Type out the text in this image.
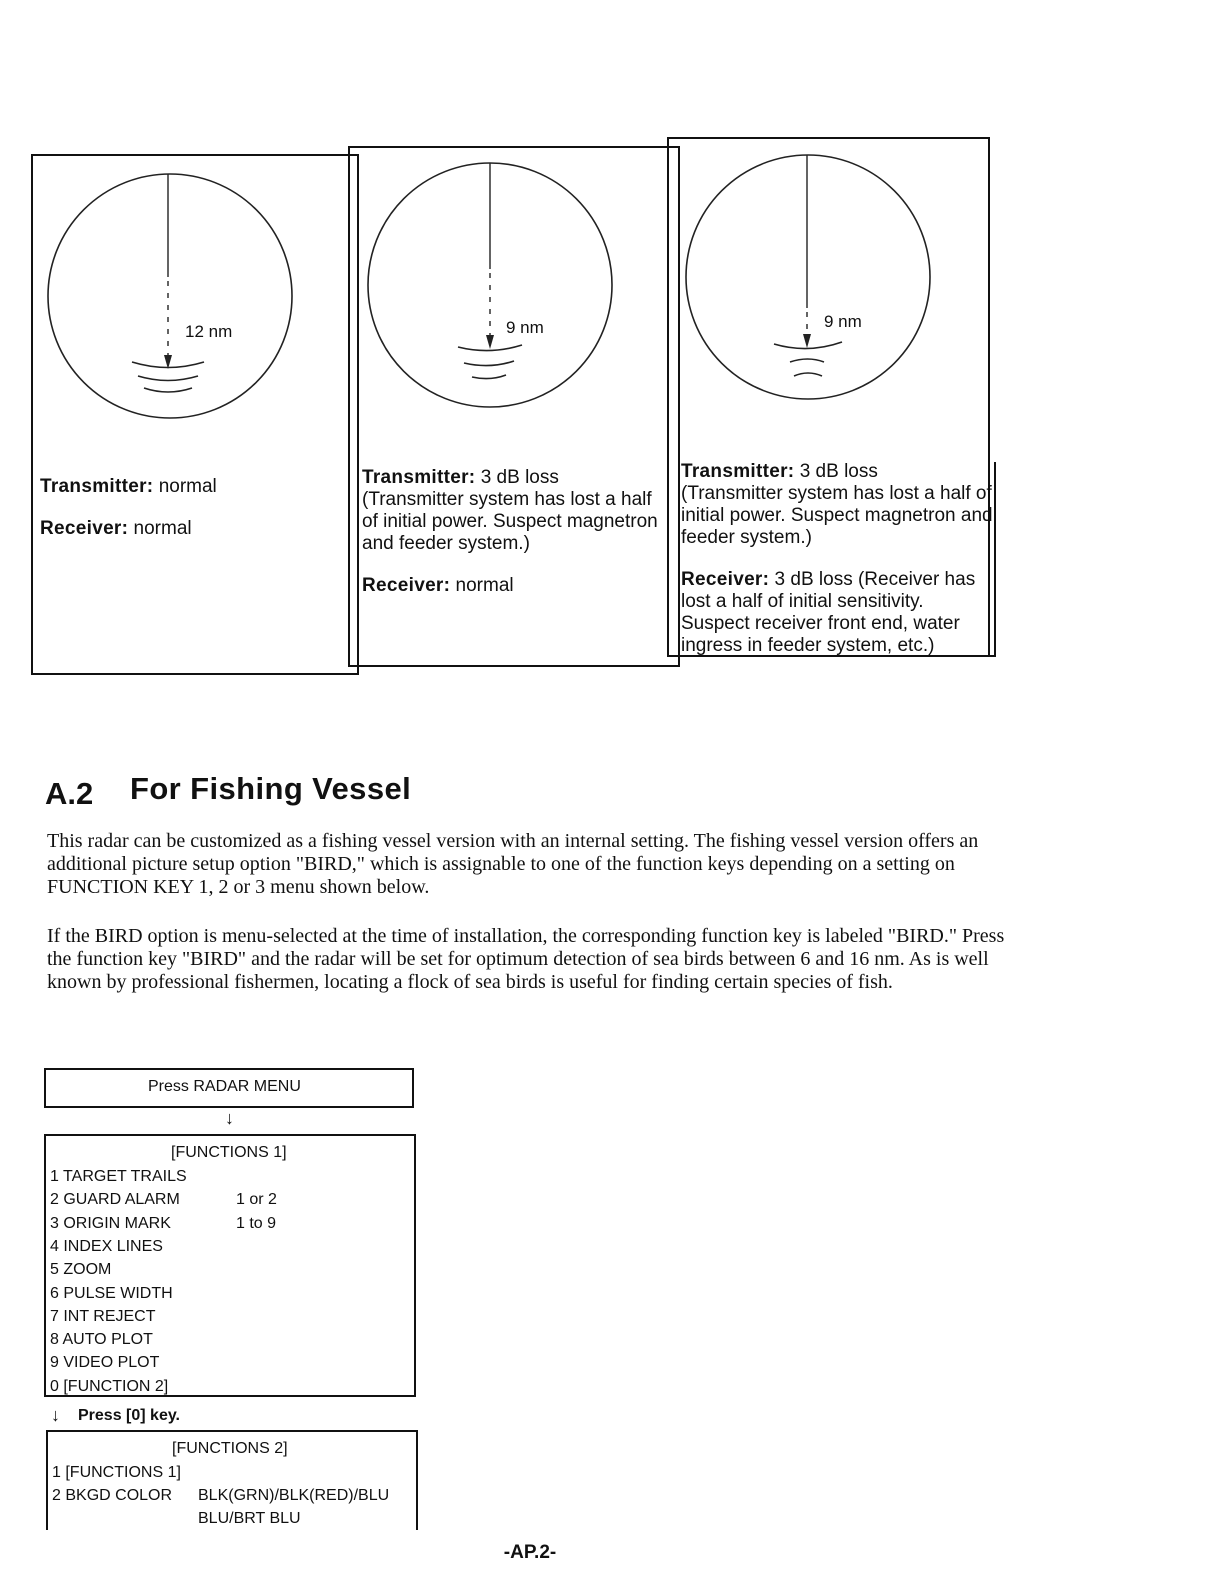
12 nm	9 nm	9 nm

Transmitter: normal

Receiver: normal

Transmitter: 3 dB loss

(Transmitter system has lost a half of initial power. Suspect magnetron and feeder system.)

Receiver: normal

Transmitter: 3 dB loss

(Transmitter system has lost a half of initial power. Suspect magnetron and feeder system.)

Receiver: 3 dB loss (Receiver has lost a half of initial sensitivity. Suspect receiver front end, water ingress in feeder system, etc.)

A.2 For Fishing Vessel

This radar can be customized as a fishing vessel version with an internal setting. The fishing vessel version offers an additional picture setup option "BIRD," which is assignable to one of the function keys depending on a setting on FUNCTION KEY 1, 2 or 3 menu shown below.

If the BIRD option is menu-selected at the time of installation, the corresponding function key is labeled "BIRD." Press the function key "BIRD" and the radar will be set for optimum detection of sea birds between 6 and 16 nm. As is well known by professional fishermen, locating a flock of sea birds is useful for finding certain species of fish.

Press RADAR MENU
↓
[FUNCTIONS 1]
1 TARGET TRAILS
2 GUARD ALARM	1 or 2
3 ORIGIN MARK	1 to 9
4 INDEX LINES
5 ZOOM
6 PULSE WIDTH
7 INT REJECT
8 AUTO PLOT
9 VIDEO PLOT
0 [FUNCTION 2]
↓ Press [0] key.
[FUNCTIONS 2]
1 [FUNCTIONS 1]
2 BKGD COLOR BLK(GRN)/BLK(RED)/BLU
BLU/BRT BLU
-AP.2-
